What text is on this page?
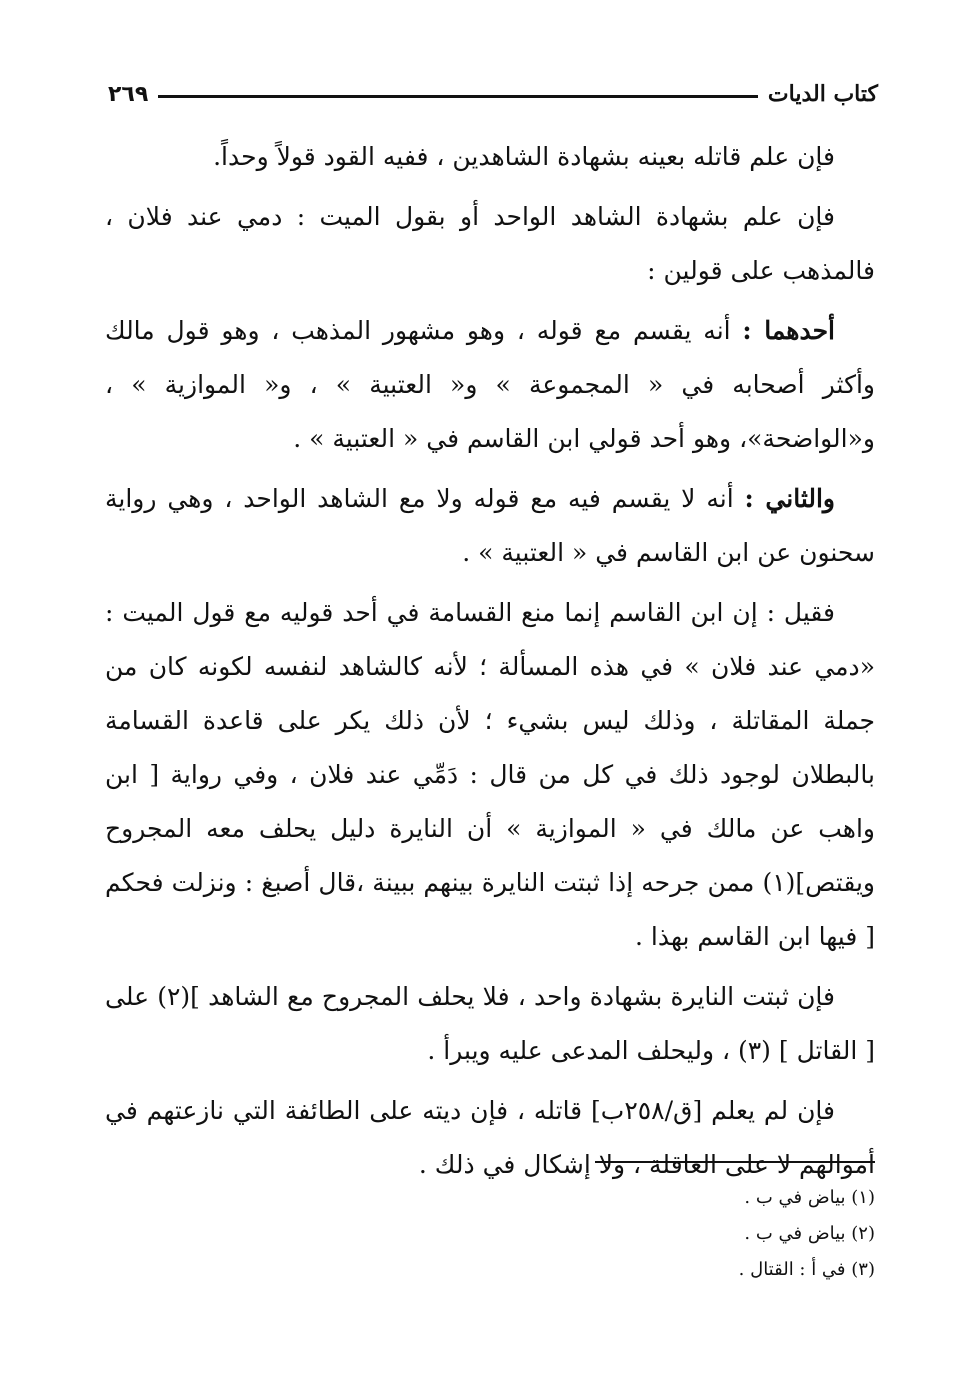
كتاب الديات
٢٦٩

فإن علم قاتله بعينه بشهادة الشاهدين ، ففيه القود قولاً وحداً.

فإن علم بشهادة الشاهد الواحد أو بقول الميت : دمي عند فلان ، فالمذهب على قولين :

أحدهما : أنه يقسم مع قوله ، وهو مشهور المذهب ، وهو قول مالك وأكثر أصحابه في « المجموعة » و« العتبية » ، و« الموازية » ، و«الواضحة»، وهو أحد قولي ابن القاسم في « العتبية » .

والثاني : أنه لا يقسم فيه مع قوله ولا مع الشاهد الواحد ، وهي رواية سحنون عن ابن القاسم في « العتبية » .

فقيل : إن ابن القاسم إنما منع القسامة في أحد قوليه مع قول الميت : «دمي عند فلان » في هذه المسألة ؛ لأنه كالشاهد لنفسه لكونه كان من جملة المقاتلة ، وذلك ليس بشيء ؛ لأن ذلك يكر على قاعدة القسامة بالبطلان لوجود ذلك في كل من قال : دَمِّي عند فلان ، وفي رواية [ ابن واهب عن مالك في « الموازية » أن النايرة دليل يحلف معه المجروح ويقتص](١) ممن جرحه إذا ثبتت النايرة بينهم ببينة ،قال أصبغ : ونزلت فحكم [ فيها ابن القاسم بهذا .

فإن ثبتت النايرة بشهادة واحد ، فلا يحلف المجروح مع الشاهد ](٢) على [ القاتل ] (٣) ، وليحلف المدعى عليه ويبرأ .

فإن لم يعلم [ق/٢٥٨ب] قاتله ، فإن ديته على الطائفة التي نازعتهم في أموالهم لا على العاقلة ، ولا إشكال في ذلك .

(١) بياض في ب .
(٢) بياض في ب .
(٣) في أ : القتال .
